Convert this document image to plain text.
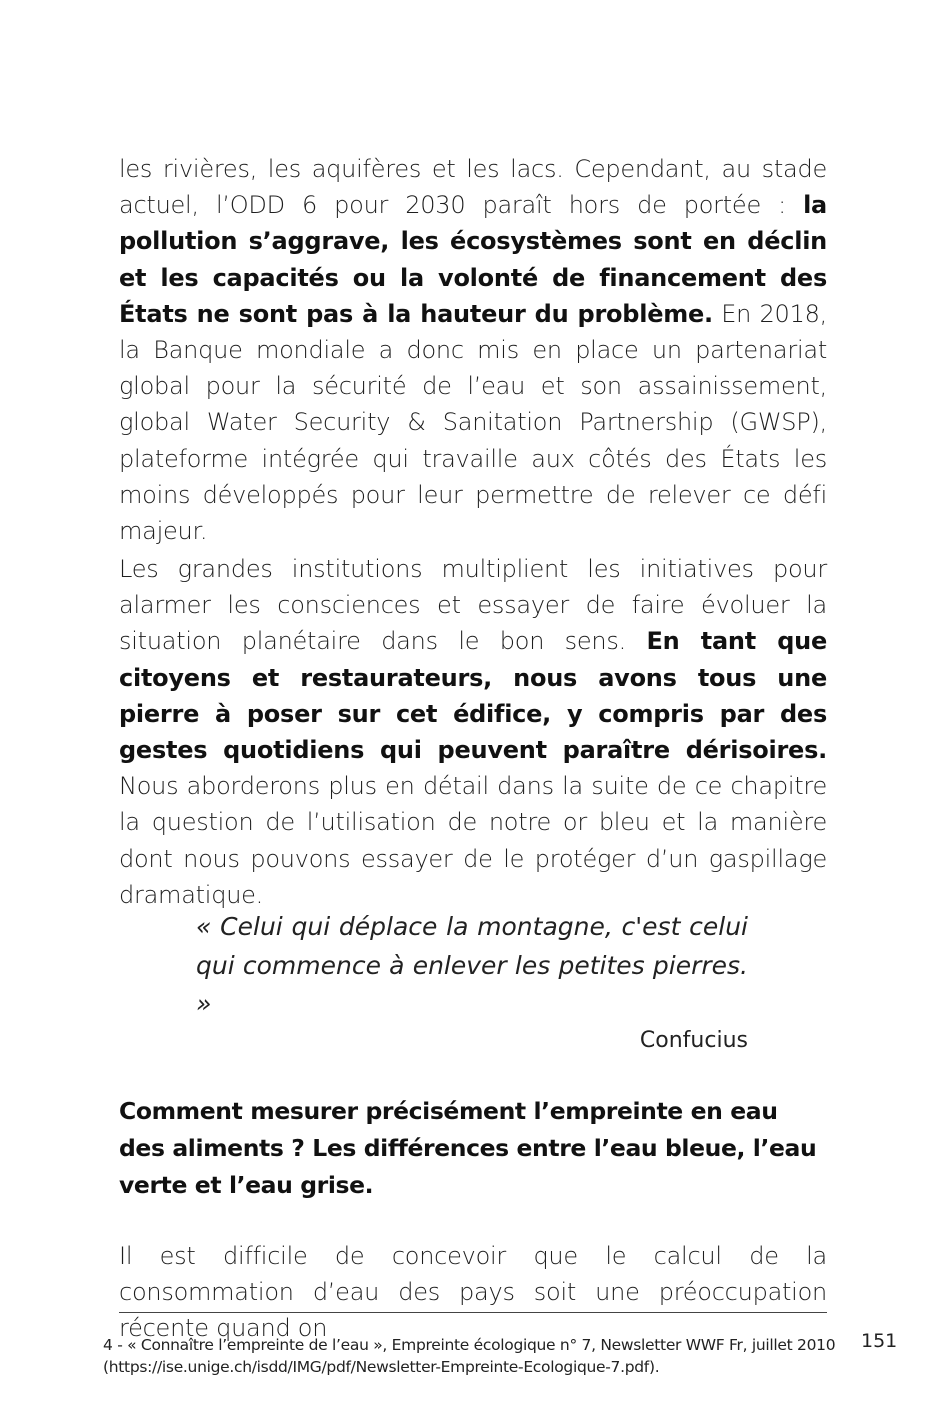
les rivières, les aquifères et les lacs. Cependant, au stade actuel, l’ODD 6 pour 2030 paraît hors de portée : la pollution s’aggrave, les écosystèmes sont en déclin et les capacités ou la volonté de financement des États ne sont pas à la hauteur du problème. En 2018, la Banque mondiale a donc mis en place un partenariat global pour la sécurité de l’eau et son assainissement, global Water Security & Sanitation Partnership (GWSP), plateforme intégrée qui travaille aux côtés des États les moins développés pour leur permettre de relever ce défi majeur.

Les grandes institutions multiplient les initiatives pour alarmer les consciences et essayer de faire évoluer la situation planétaire dans le bon sens. En tant que citoyens et restaurateurs, nous avons tous une pierre à poser sur cet édifice, y compris par des gestes quotidiens qui peuvent paraître dérisoires. Nous aborderons plus en détail dans la suite de ce chapitre la question de l’utilisation de notre or bleu et la manière dont nous pouvons essayer de le protéger d’un gaspillage dramatique.

« Celui qui déplace la montagne, c'est celui qui commence à enlever les petites pierres. »

Confucius
Comment mesurer précisément l’empreinte en eau des aliments ? Les différences entre l’eau bleue, l’eau verte et l’eau grise.

Il est difficile de concevoir que le calcul de la consommation d’eau des pays soit une préoccupation récente quand on

4 - « Connaître l’empreinte de l’eau », Empreinte écologique n° 7, Newsletter WWF Fr, juillet 2010
(https://ise.unige.ch/isdd/IMG/pdf/Newsletter-Empreinte-Ecologique-7.pdf).
151
